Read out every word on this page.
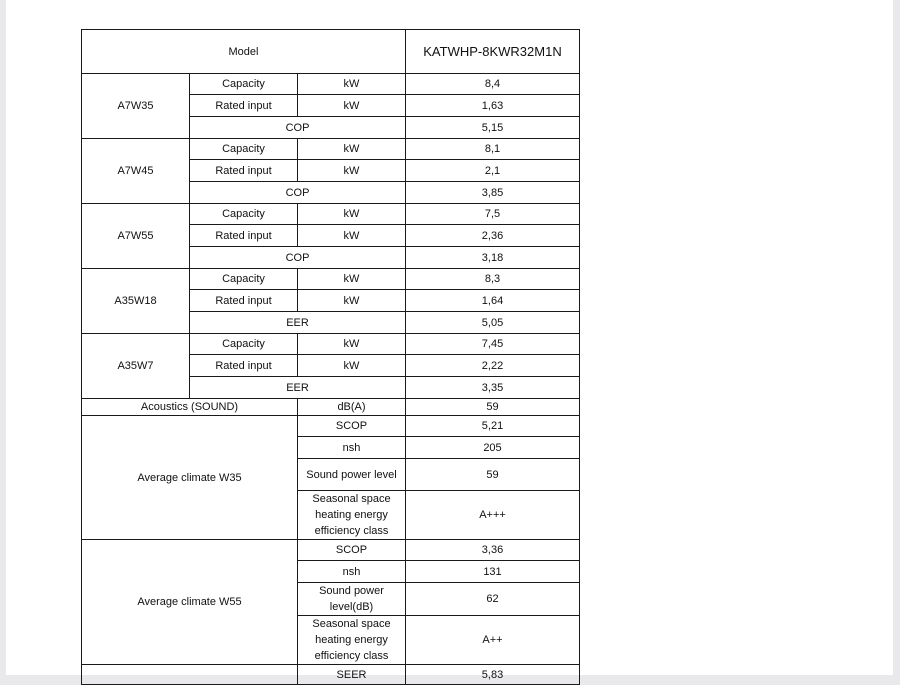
Model			KATWHP-8KWR32M1N
A7W35	Capacity	kW	8,4
	Rated input	kW	1,63
	COP		5,15
A7W45	Capacity	kW	8,1
	Rated input	kW	2,1
	COP		3,85
A7W55	Capacity	kW	7,5
	Rated input	kW	2,36
	COP		3,18
A35W18	Capacity	kW	8,3
	Rated input	kW	1,64
	EER		5,05
A35W7	Capacity	kW	7,45
	Rated input	kW	2,22
	EER		3,35
Acoustics (SOUND)		dB(A)	59
Average climate W35		SCOP	5,21
		nsh	205
		Sound power level	59
		Seasonal space heating energy efficiency class	A+++
Average climate W55		SCOP	3,36
		nsh	131
		Sound power level(dB)	62
		Seasonal space heating energy efficiency class	A++
		SEER	5,83
